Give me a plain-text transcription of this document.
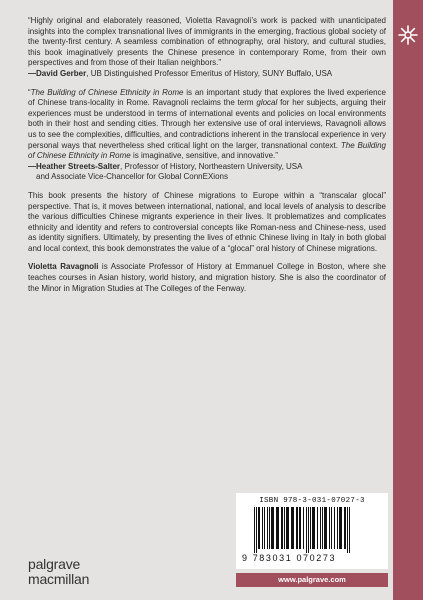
“Highly original and elaborately reasoned, Violetta Ravagnoli’s work is packed with unanticipated insights into the complex transnational lives of immigrants in the emerging, fractious global society of the twenty-first century. A seamless combination of ethnography, oral history, and cultural studies, this book imaginatively presents the Chinese presence in contemporary Rome, from their own perspectives and from those of their Italian neighbors.”

—David Gerber, UB Distinguished Professor Emeritus of History, SUNY Buffalo, USA

“The Building of Chinese Ethnicity in Rome is an important study that explores the lived experience of Chinese trans-locality in Rome. Ravagnoli reclaims the term glocal for her subjects, arguing their experiences must be understood in terms of international events and policies on local environments both in their host and sending cities. Through her extensive use of oral interviews, Ravagnoli allows us to see the complexities, difficulties, and contradictions inherent in the translocal experience in very personal ways that nevertheless shed critical light on the larger, transnational context. The Building of Chinese Ethnicity in Rome is imaginative, sensitive, and innovative.”

—Heather Streets-Salter, Professor of History, Northeastern University, USA
and Associate Vice-Chancellor for Global ConnEXions

This book presents the history of Chinese migrations to Europe within a “transcalar glocal” perspective. That is, it moves between international, national, and local levels of analysis to describe the various difficulties Chinese migrants experience in their lives. It problematizes and complicates ethnicity and identity and refers to controversial concepts like Roman-ness and Chinese-ness, used as identity signifiers. Ultimately, by presenting the lives of ethnic Chinese living in Italy in both global and local context, this book demonstrates the value of a “glocal” oral history of Chinese migrations.

Violetta Ravagnoli is Associate Professor of History at Emmanuel College in Boston, where she teaches courses in Asian history, world history, and migration history. She is also the coordinator of the Minor in Migration Studies at The Colleges of the Fenway.

ISBN 978-3-031-07027-3
9 783031 070273
www.palgrave.com
palgrave
macmillan
